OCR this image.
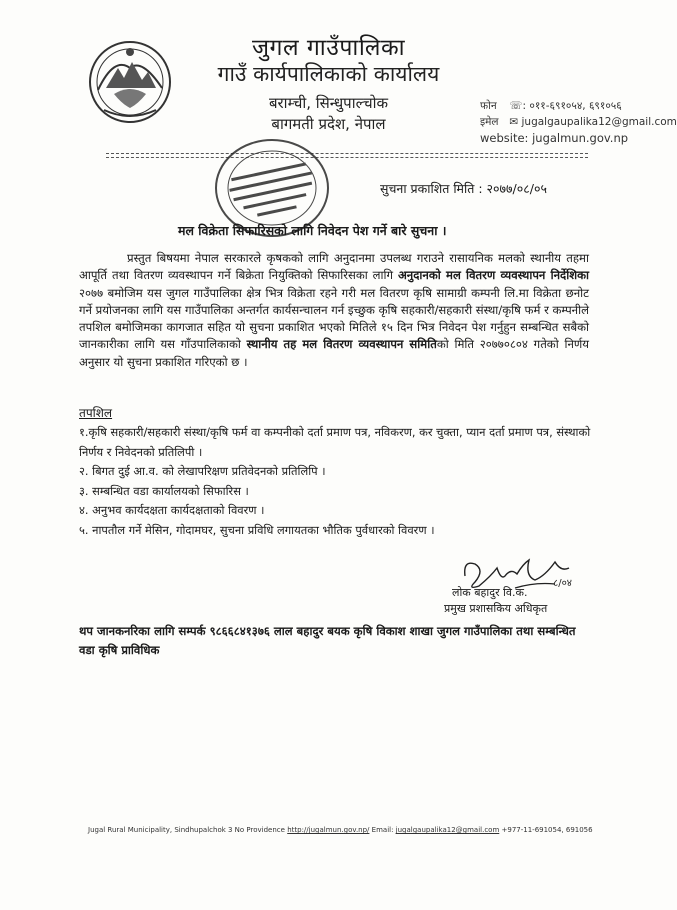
जुगल गाउँपालिका
गाउँ कार्यपालिकाको कार्यालय
बराम्ची, सिन्धुपाल्चोक
बागमती प्रदेश, नेपाल
फोन ☏: ०११-६९१०५४, ६९१०५६
इमेल ✉ jugalgaupalika12@gmail.com
website: jugalmun.gov.np
सुचना प्रकाशित मिति : २०७७/०८/०५
मल विक्रेता सिफारिसको लागि निवेदन पेश गर्ने बारे सुचना ।

प्रस्तुत बिषयमा नेपाल सरकारले कृषकको लागि अनुदानमा उपलब्ध गराउने रासायनिक मलको स्थानीय तहमा आपूर्ति तथा वितरण व्यवस्थापन गर्ने बिक्रेता नियुक्तिको सिफारिसका लागि अनुदानको मल वितरण व्यवस्थापन निर्देशिका २०७७ बमोजिम यस जुगल गाउँपालिका क्षेत्र भित्र विक्रेता रहने गरी मल वितरण कृषि सामाग्री कम्पनी लि.मा विक्रेता छनोट गर्ने प्रयोजनका लागि यस गाउँपालिका अन्तर्गत कार्यसन्चालन गर्न इच्छुक कृषि सहकारी/सहकारी संस्था/कृषि फर्म र कम्पनीले तपशिल बमोजिमका कागजात सहित यो सुचना प्रकाशित भएको मितिले १५ दिन भित्र निवेदन पेश गर्नुहुन सम्बन्धित सबैको जानकारीका लागि यस गाँउपालिकाको स्थानीय तह मल वितरण व्यवस्थापन समितिको मिति २०७७०८०४ गतेको निर्णय अनुसार यो सुचना प्रकाशित गरिएको छ ।

तपशिल
१.कृषि सहकारी/सहकारी संस्था/कृषि फर्म वा कम्पनीको दर्ता प्रमाण पत्र, नविकरण, कर चुक्ता, प्यान दर्ता प्रमाण पत्र, संस्थाको निर्णय र निवेदनको प्रतिलिपी ।
२. बिगत दुई आ.व. को लेखापरिक्षण प्रतिवेदनको प्रतिलिपि ।
३. सम्बन्धित वडा कार्यालयको सिफारिस ।
४. अनुभव कार्यदक्षता कार्यदक्षताको विवरण ।
५. नापतौल गर्ने मेसिन, गोदामघर, सुचना प्रविधि लगायतका भौतिक पुर्वधारको विवरण ।
८/०४
लोक बहादुर वि.क.
प्रमुख प्रशासकिय अधिकृत

थप जानकनरिका लागि सम्पर्क ९८६६८४१३७६ लाल बहादुर बयक कृषि विकाश शाखा जुगल गाउँपालिका तथा सम्बन्धित वडा कृषि प्राविधिक

Jugal Rural Municipality, Sindhupalchok 3 No Providence http://jugalmun.gov.np/ Email: jugalgaupalika12@gmail.com +977-11-691054, 691056
